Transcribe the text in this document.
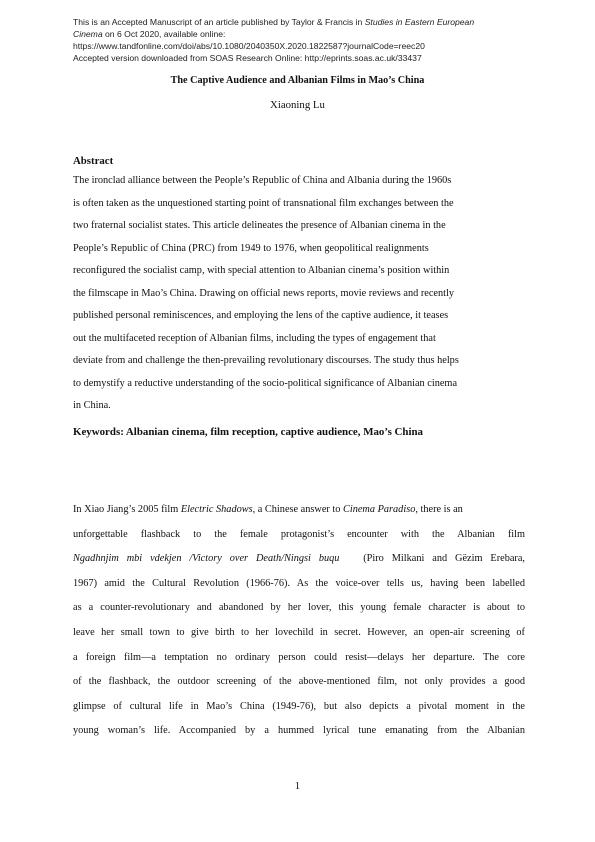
This is an Accepted Manuscript of an article published by Taylor & Francis in Studies in Eastern European
Cinema on 6 Oct 2020, available online:
https://www.tandfonline.com/doi/abs/10.1080/2040350X.2020.1822587?journalCode=reec20
Accepted version downloaded from SOAS Research Online: http://eprints.soas.ac.uk/33437
The Captive Audience and Albanian Films in Mao’s China
Xiaoning Lu
Abstract
The ironclad alliance between the People’s Republic of China and Albania during the 1960s
is often taken as the unquestioned starting point of transnational film exchanges between the
two fraternal socialist states. This article delineates the presence of Albanian cinema in the
People’s Republic of China (PRC) from 1949 to 1976, when geopolitical realignments
reconfigured the socialist camp, with special attention to Albanian cinema’s position within
the filmscape in Mao’s China. Drawing on official news reports, movie reviews and recently
published personal reminiscences, and employing the lens of the captive audience, it teases
out the multifaceted reception of Albanian films, including the types of engagement that
deviate from and challenge the then-prevailing revolutionary discourses. The study thus helps
to demystify a reductive understanding of the socio-political significance of Albanian cinema
in China.
Keywords: Albanian cinema, film reception, captive audience, Mao’s China
In Xiao Jiang’s 2005 film Electric Shadows, a Chinese answer to Cinema Paradiso, there is an
unforgettable flashback to the female protagonist’s encounter with the Albanian film
Ngadhnjim mbi vdekjen /Victory over Death/Ningsi buqu (Piro Milkani and Gëzim Erebara,
1967) amid the Cultural Revolution (1966-76). As the voice-over tells us, having been labelled
as a counter-revolutionary and abandoned by her lover, this young female character is about to
leave her small town to give birth to her lovechild in secret. However, an open-air screening of
a foreign film—a temptation no ordinary person could resist—delays her departure. The core
of the flashback, the outdoor screening of the above-mentioned film, not only provides a good
glimpse of cultural life in Mao’s China (1949-76), but also depicts a pivotal moment in the
young woman’s life. Accompanied by a hummed lyrical tune emanating from the Albanian
1
